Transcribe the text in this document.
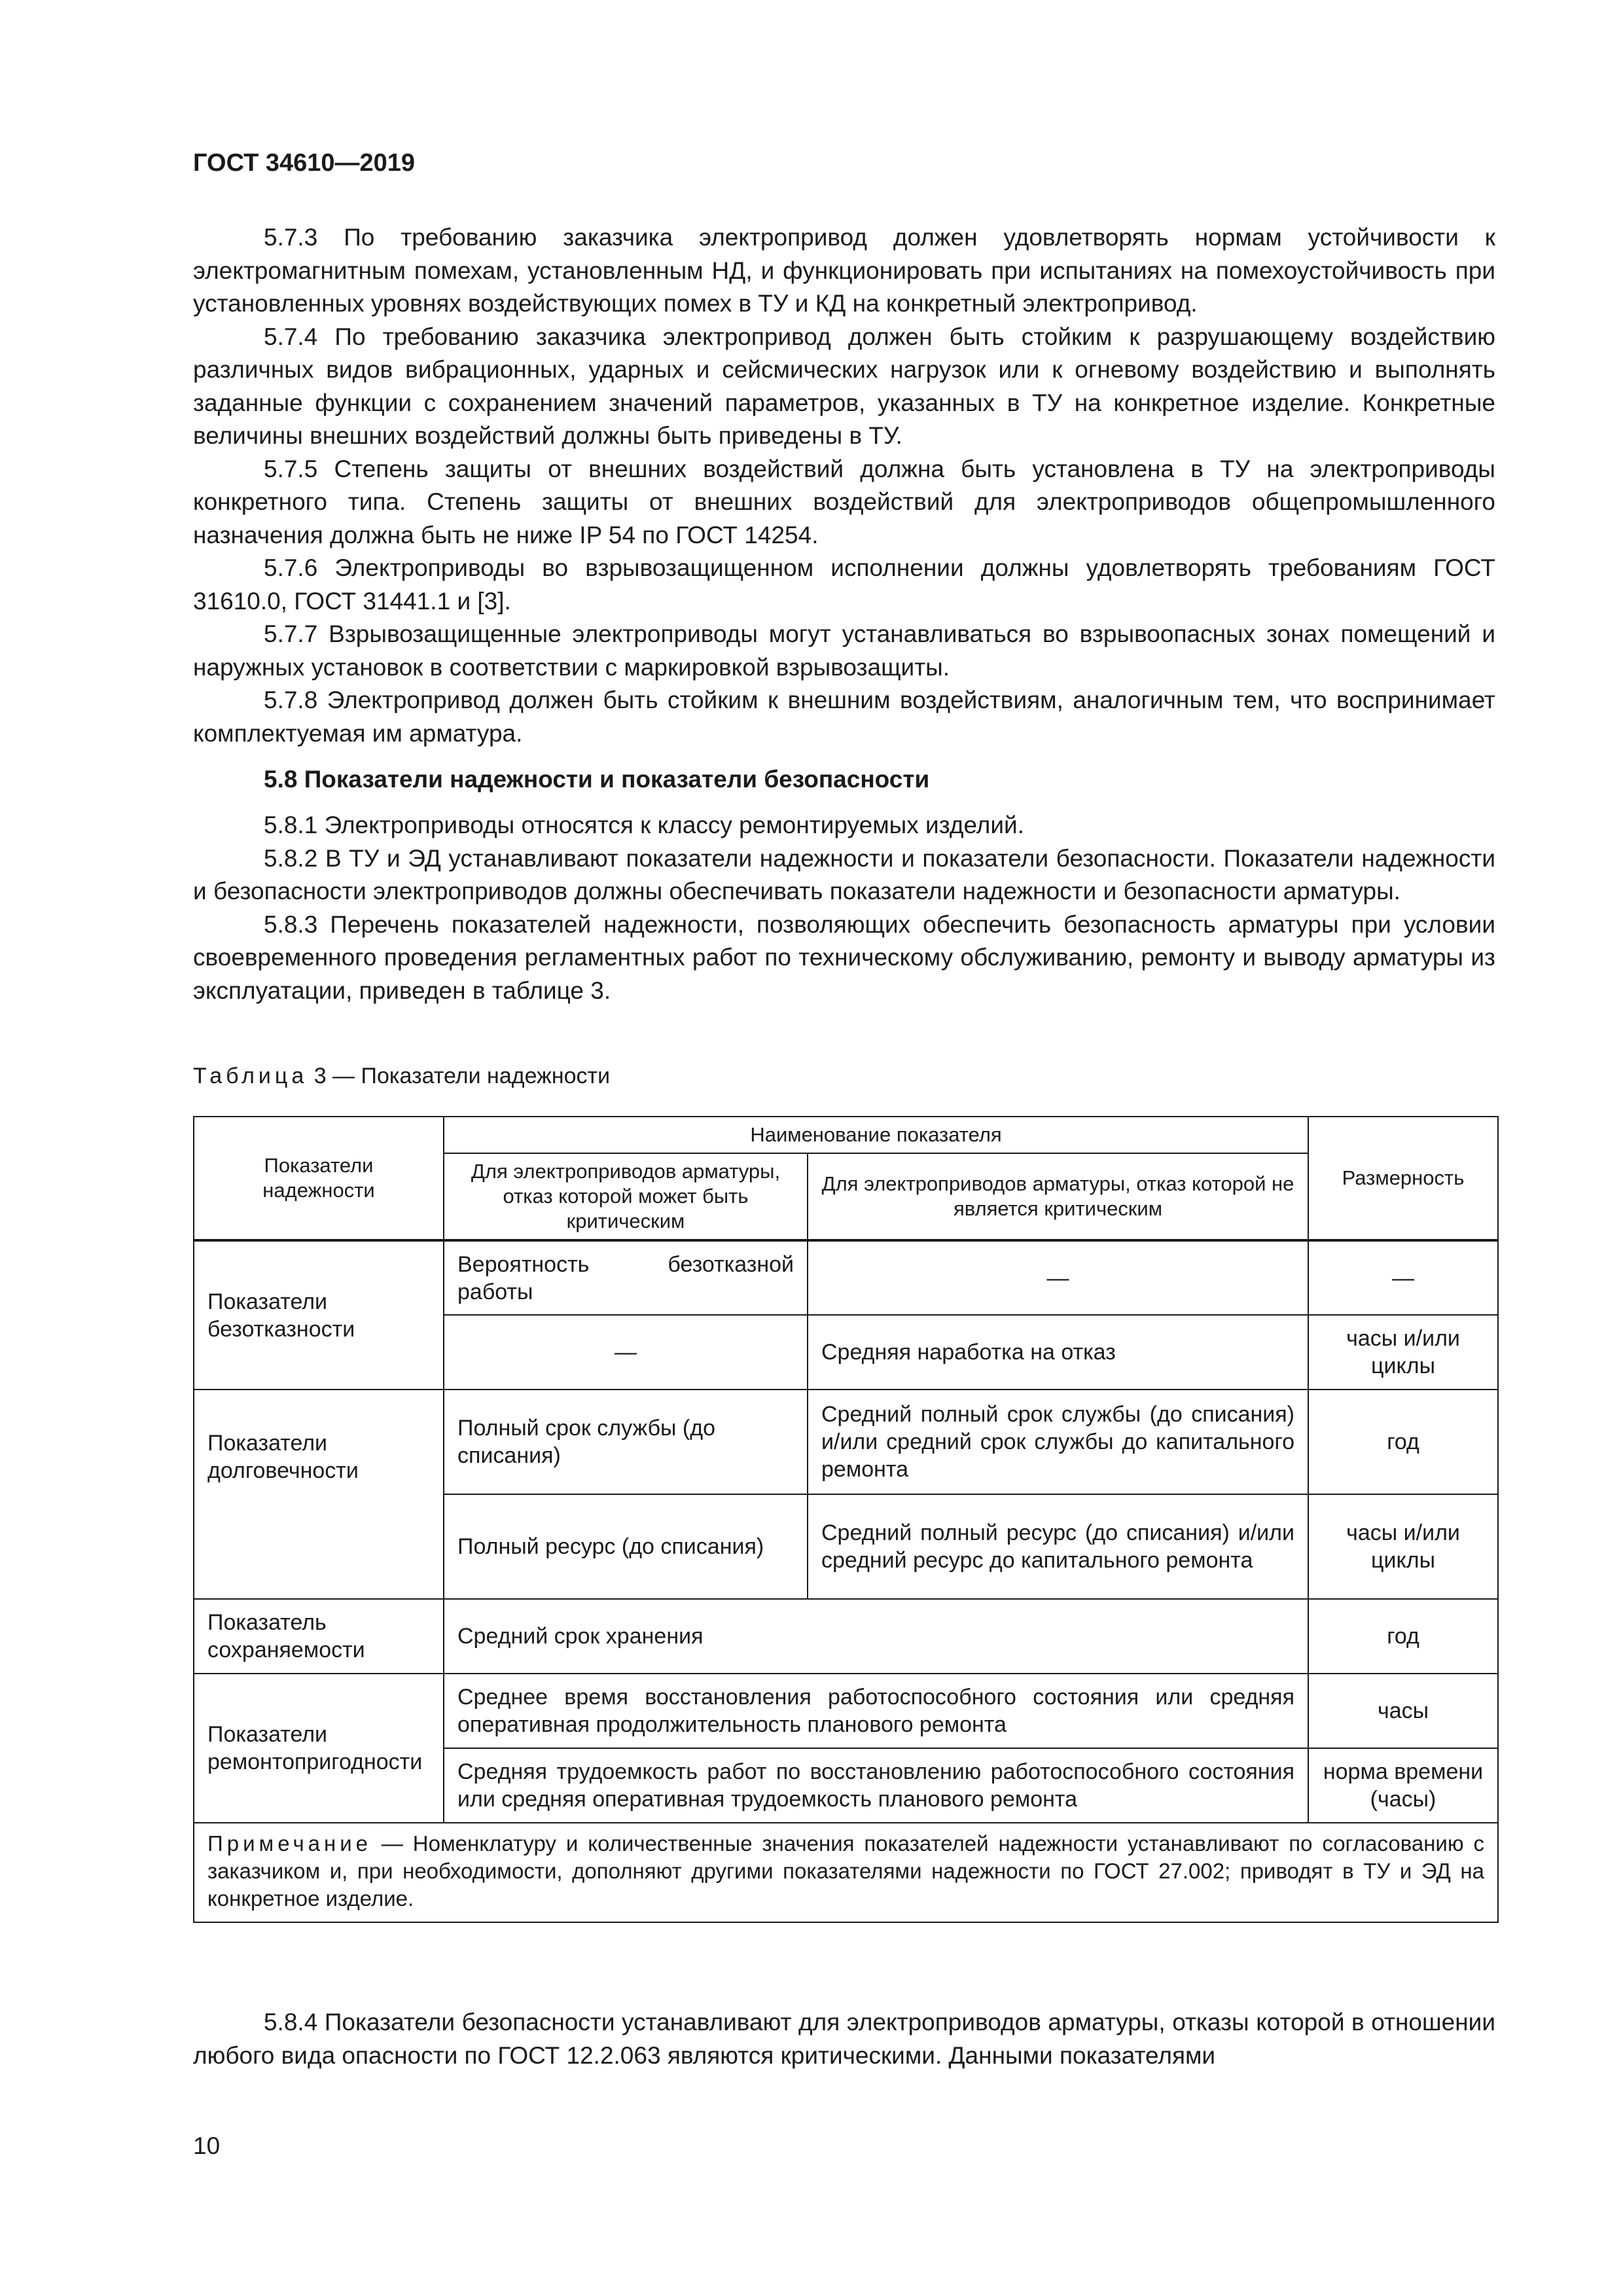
ГОСТ 34610—2019

5.7.3 По требованию заказчика электропривод должен удовлетворять нормам устойчивости к электромагнитным помехам, установленным НД, и функционировать при испытаниях на помехоустойчивость при установленных уровнях воздействующих помех в ТУ и КД на конкретный электропривод.

5.7.4 По требованию заказчика электропривод должен быть стойким к разрушающему воздействию различных видов вибрационных, ударных и сейсмических нагрузок или к огневому воздействию и выполнять заданные функции с сохранением значений параметров, указанных в ТУ на конкретное изделие. Конкретные величины внешних воздействий должны быть приведены в ТУ.

5.7.5 Степень защиты от внешних воздействий должна быть установлена в ТУ на электроприводы конкретного типа. Степень защиты от внешних воздействий для электроприводов общепромышленного назначения должна быть не ниже IP 54 по ГОСТ 14254.

5.7.6 Электроприводы во взрывозащищенном исполнении должны удовлетворять требованиям ГОСТ 31610.0, ГОСТ 31441.1 и [3].

5.7.7 Взрывозащищенные электроприводы могут устанавливаться во взрывоопасных зонах помещений и наружных установок в соответствии с маркировкой взрывозащиты.

5.7.8 Электропривод должен быть стойким к внешним воздействиям, аналогичным тем, что воспринимает комплектуемая им арматура.

5.8 Показатели надежности и показатели безопасности

5.8.1 Электроприводы относятся к классу ремонтируемых изделий.

5.8.2 В ТУ и ЭД устанавливают показатели надежности и показатели безопасности. Показатели надежности и безопасности электроприводов должны обеспечивать показатели надежности и безопасности арматуры.

5.8.3 Перечень показателей надежности, позволяющих обеспечить безопасность арматуры при условии своевременного проведения регламентных работ по техническому обслуживанию, ремонту и выводу арматуры из эксплуатации, приведен в таблице 3.

Таблица 3 — Показатели надежности
Показатели надежности	Наименование показателя		Размерность
	Для электроприводов арматуры, отказ которой может быть критическим	Для электроприводов арматуры, отказ которой не является критическим	
Показатели безотказности	Вероятность безотказной работы	—	—
	—	Средняя наработка на отказ	часы и/или циклы
Показатели долговечности	Полный срок службы (до списания)	Средний полный срок службы (до списания) и/или средний срок службы до капитального ремонта	год
	Полный ресурс (до списания)	Средний полный ресурс (до списания) и/или средний ресурс до капитального ремонта	часы и/или циклы
Показатель сохраняемости	Средний срок хранения		год
Показатели ремонтопригодности	Среднее время восстановления работоспособного состояния или средняя оперативная продолжительность планового ремонта		часы
	Средняя трудоемкость работ по восстановлению работоспособного состояния или средняя оперативная трудоемкость планового ремонта		норма времени (часы)
Примечание — Номенклатуру и количественные значения показателей надежности устанавливают по согласованию с заказчиком и, при необходимости, дополняют другими показателями надежности по ГОСТ 27.002; приводят в ТУ и ЭД на конкретное изделие.			

5.8.4 Показатели безопасности устанавливают для электроприводов арматуры, отказы которой в отношении любого вида опасности по ГОСТ 12.2.063 являются критическими. Данными показателями

10
